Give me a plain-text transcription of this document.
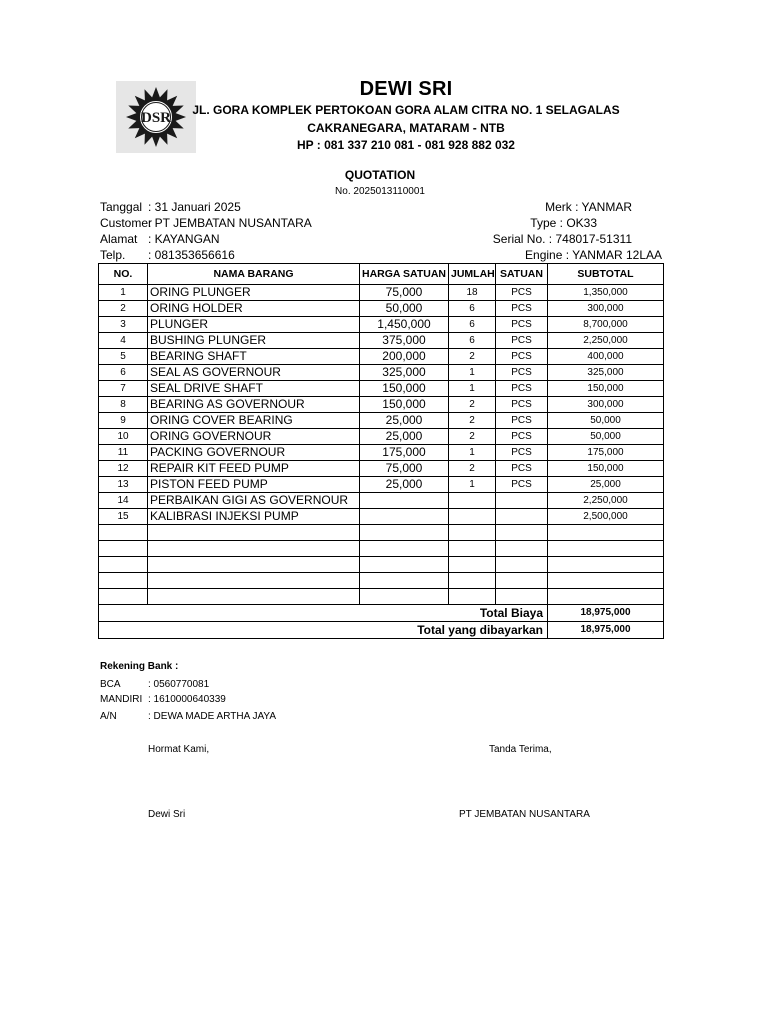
DSR
DEWI SRI
JL. GORA KOMPLEK PERTOKOAN GORA ALAM CITRA NO. 1 SELAGALAS
CAKRANEGARA, MATARAM - NTB
HP : 081 337 210 081 - 081 928 882 032
QUOTATION
No. 2025013110001
Tanggal : 31 Januari 2025
Customer
: PT JEMBATAN NUSANTARA
Alamat : KAYANGAN
Telp. : 081353656616
Merk : YANMAR
Type : OK33
Serial No. : 748017-51311
Engine : YANMAR 12LAA
NO.	NAMA BARANG	HARGA SATUAN	JUMLAH	SATUAN	SUBTOTAL
1	ORING PLUNGER	75,000	18	PCS	1,350,000
2	ORING HOLDER	50,000	6	PCS	300,000
3	PLUNGER	1,450,000	6	PCS	8,700,000
4	BUSHING PLUNGER	375,000	6	PCS	2,250,000
5	BEARING SHAFT	200,000	2	PCS	400,000
6	SEAL AS GOVERNOUR	325,000	1	PCS	325,000
7	SEAL DRIVE SHAFT	150,000	1	PCS	150,000
8	BEARING AS GOVERNOUR	150,000	2	PCS	300,000
9	ORING COVER BEARING	25,000	2	PCS	50,000
10	ORING GOVERNOUR	25,000	2	PCS	50,000
11	PACKING GOVERNOUR	175,000	1	PCS	175,000
12	REPAIR KIT FEED PUMP	75,000	2	PCS	150,000
13	PISTON FEED PUMP	25,000	1	PCS	25,000
14	PERBAIKAN GIGI AS GOVERNOUR				2,250,000
15	KALIBRASI INJEKSI PUMP				2,500,000

Total Biaya					18,975,000
Total yang dibayarkan					18,975,000
Rekening Bank :
BCA	: 0560770081
MANDIRI : 1610000640339
A/N	: DEWA MADE ARTHA JAYA
Hormat Kami,	Tanda Terima,
Dewi Sri	PT JEMBATAN NUSANTARA
